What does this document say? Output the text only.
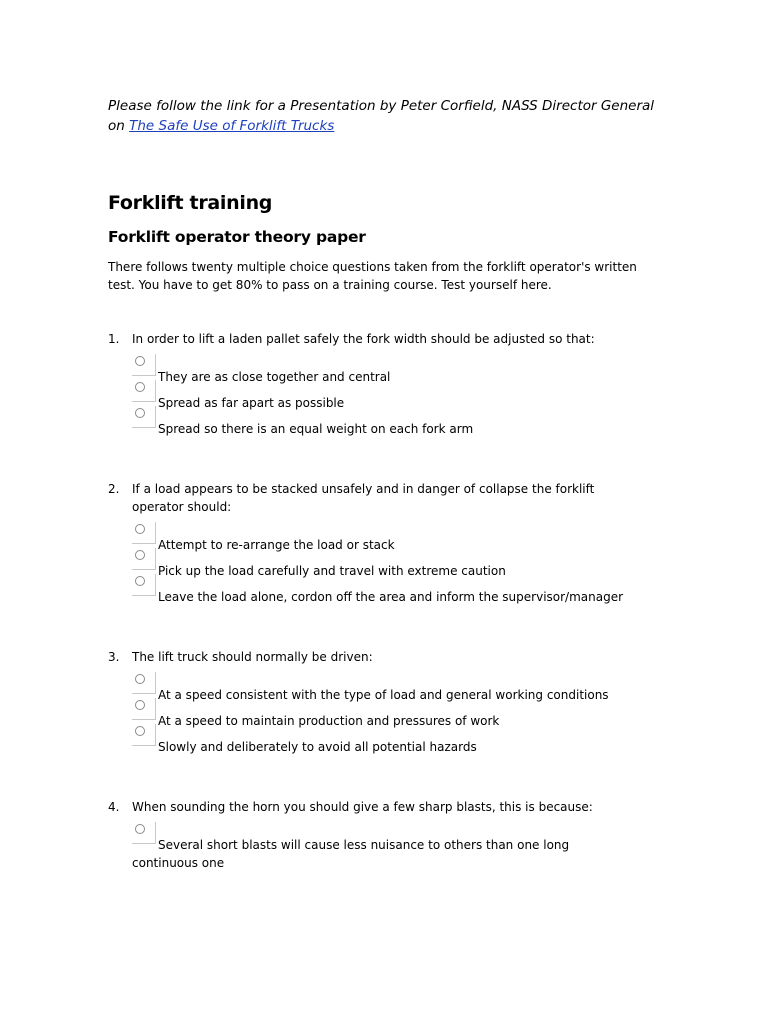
Please follow the link for a Presentation by Peter Corfield, NASS Director General on The Safe Use of Forklift Trucks

Forklift training
Forklift operator theory paper

There follows twenty multiple choice questions taken from the forklift operator's written test. You have to get 80% to pass on a training course. Test yourself here.

1. In order to lift a laden pallet safely the fork width should be adjusted so that:
They are as close together and central
Spread as far apart as possible
Spread so there is an equal weight on each fork arm
2. If a load appears to be stacked unsafely and in danger of collapse the forklift operator should:
Attempt to re-arrange the load or stack
Pick up the load carefully and travel with extreme caution
Leave the load alone, cordon off the area and inform the supervisor/manager
3. The lift truck should normally be driven:
At a speed consistent with the type of load and general working conditions
At a speed to maintain production and pressures of work
Slowly and deliberately to avoid all potential hazards
4. When sounding the horn you should give a few sharp blasts, this is because:
Several short blasts will cause less nuisance to others than one long continuous one
